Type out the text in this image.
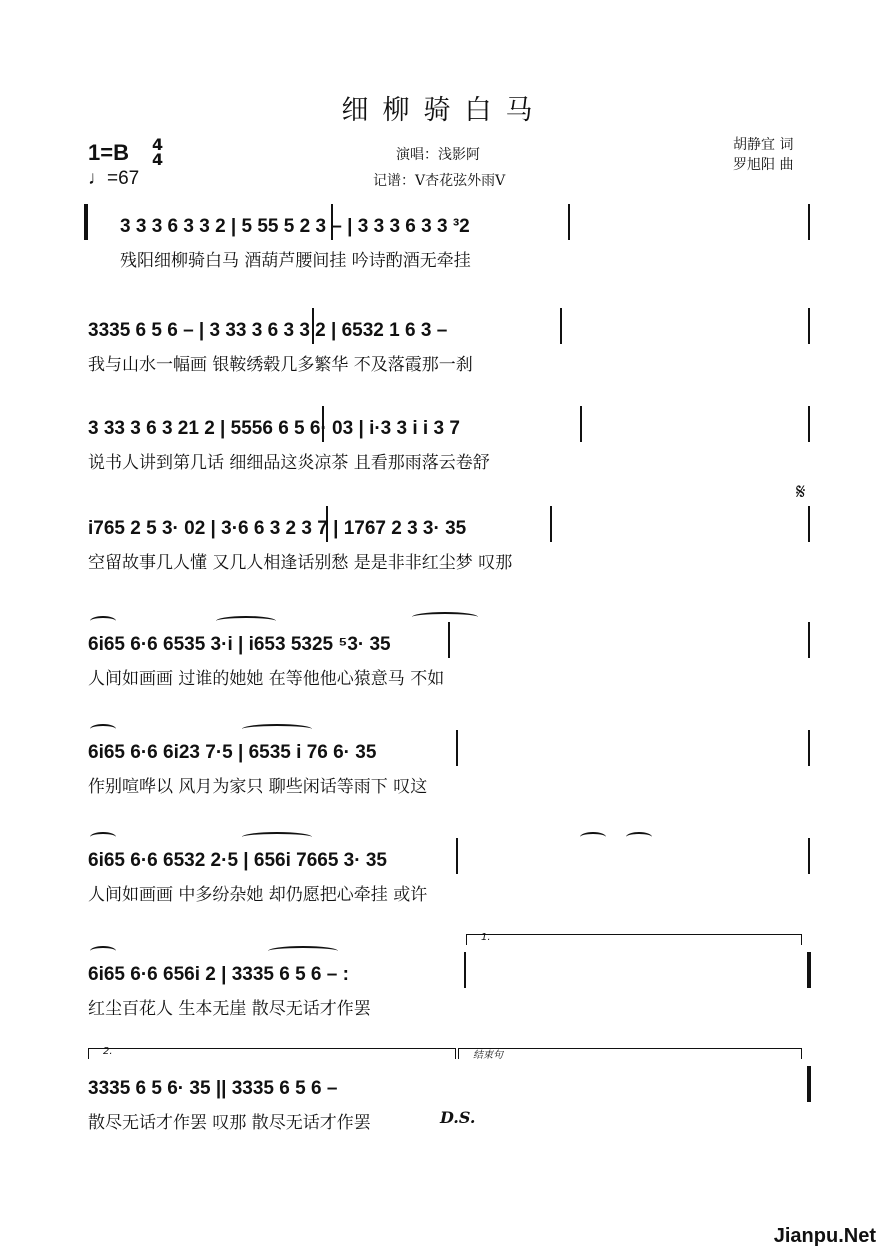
细柳骑白马
1=B 4
4
♩=67
演唱：浅影阿
记谱：V杏花弦外雨V
胡静宜 词
罗旭阳 曲
3 3 3 6 3 3 2 | 5 55 5 2 3 – | 3 3 3 6 3 3 ³2
残阳细柳骑白马 酒葫芦腰间挂 吟诗酌酒无牵挂
3335 6 5 6 – | 3 33 3 6 3 3 2 | 6532 1 6 3 –
我与山水一幅画 银鞍绣毂几多繁华 不及落霞那一刹
3 33 3 6 3 21 2 | 5556 6 5 6· 03 | i·3 3 i i 3 7
说书人讲到第几话 细细品这炎凉茶 且看那雨落云卷舒
𝄋
i765 2 5 3· 02 | 3·6 6 3 2 3 7 | 1767 2 3 3· 35
空留故事几人懂 又几人相逢话别愁 是是非非红尘梦 叹那
6i65 6·6 6535 3·i | i653 5325 ⁵3· 35
人间如画画 过谁的她她 在等他他心猿意马 不如
6i65 6·6 6i23 7·5 | 6535 i 76 6· 35
作别喧哗以 风月为家只 聊些闲话等雨下 叹这
6i65 6·6 6532 2·5 | 656i 7665 3· 35
人间如画画 中多纷杂她 却仍愿把心牵挂 或许
1.
6i65 6·6 656i 2 | 3335 6 5 6 – :
红尘百花人 生本无崖 散尽无话才作罢
2.	结束句
3335 6 5 6· 35 || 3335 6 5 6 –
散尽无话才作罢 叹那 散尽无话才作罢	D.S.
Jianpu.Net
